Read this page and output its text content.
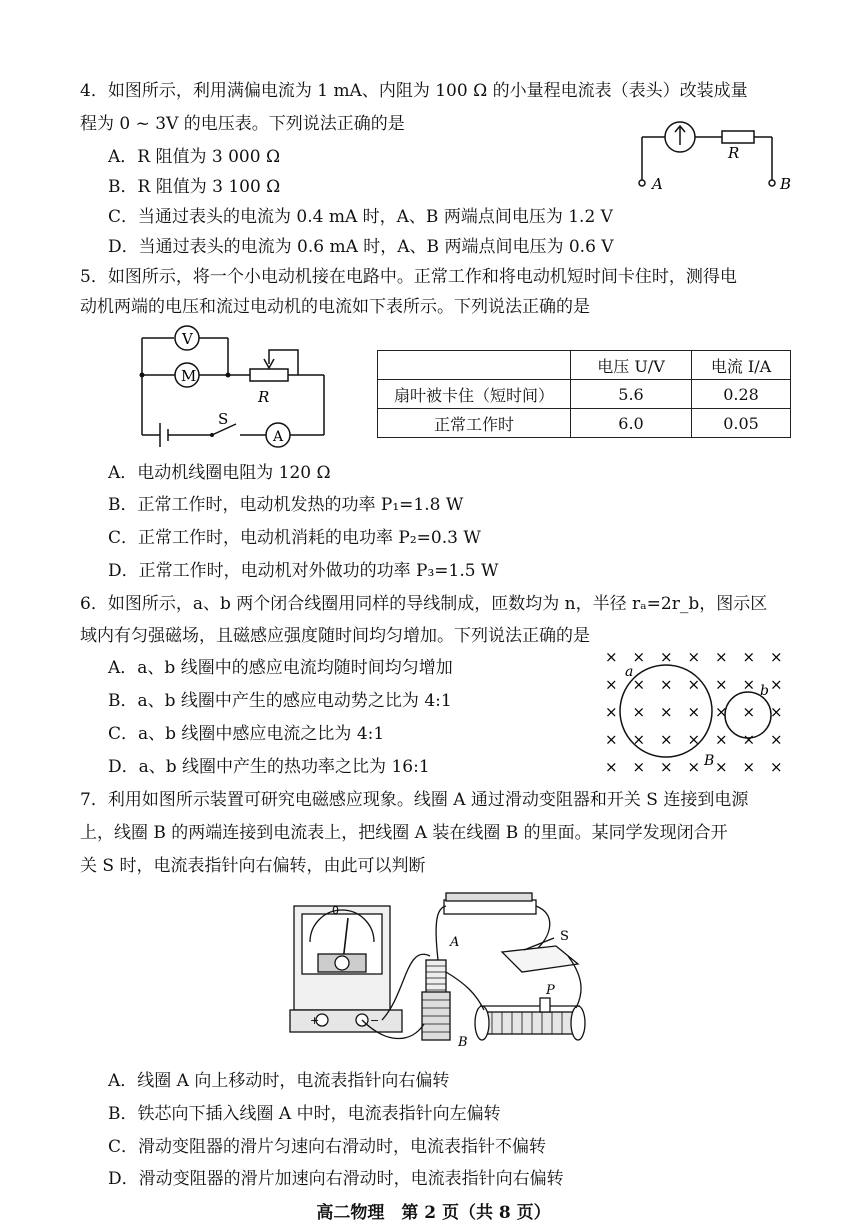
4．如图所示，利用满偏电流为 1 mA、内阻为 100 Ω 的小量程电流表（表头）改装成量
程为 0 ~ 3V 的电压表。下列说法正确的是
A．R 阻值为 3 000 Ω
B．R 阻值为 3 100 Ω
C．当通过表头的电流为 0.4 mA 时，A、B 两端点间电压为 1.2 V
D．当通过表头的电流为 0.6 mA 时，A、B 两端点间电压为 0.6 V
R
A	B
5．如图所示，将一个小电动机接在电路中。正常工作和将电动机短时间卡住时，测得电
动机两端的电压和流过电动机的电流如下表所示。下列说法正确的是
V
M
R
S
A
	电压 U/V	电流 I/A
扇叶被卡住（短时间）	5.6	0.28
正常工作时	6.0	0.05
A．电动机线圈电阻为 120 Ω
B．正常工作时，电动机发热的功率 P₁=1.8 W
C．正常工作时，电动机消耗的电功率 P₂=0.3 W
D．正常工作时，电动机对外做功的功率 P₃=1.5 W
6．如图所示，a、b 两个闭合线圈用同样的导线制成，匝数均为 n，半径 rₐ=2r_b，图示区
域内有匀强磁场，且磁感应强度随时间均匀增加。下列说法正确的是
A．a、b 线圈中的感应电流均随时间均匀增加
B．a、b 线圈中产生的感应电动势之比为 4:1
C．a、b 线圈中感应电流之比为 4:1
D．a、b 线圈中产生的热功率之比为 16:1
× × × × × × ×
× × × × × × ×
× × × × × × ×
× × × × × × ×
× × × × × × ×
a
b
B
7．利用如图所示装置可研究电磁感应现象。线圈 A 通过滑动变阻器和开关 S 连接到电源
上，线圈 B 的两端连接到电流表上，把线圈 A 装在线圈 B 的里面。某同学发现闭合开
关 S 时，电流表指针向右偏转，由此可以判断
0
+	−
A
B
S
P
A．线圈 A 向上移动时，电流表指针向右偏转
B．铁芯向下插入线圈 A 中时，电流表指针向左偏转
C．滑动变阻器的滑片匀速向右滑动时，电流表指针不偏转
D．滑动变阻器的滑片加速向右滑动时，电流表指针向右偏转
高二物理　第 2 页（共 8 页）
